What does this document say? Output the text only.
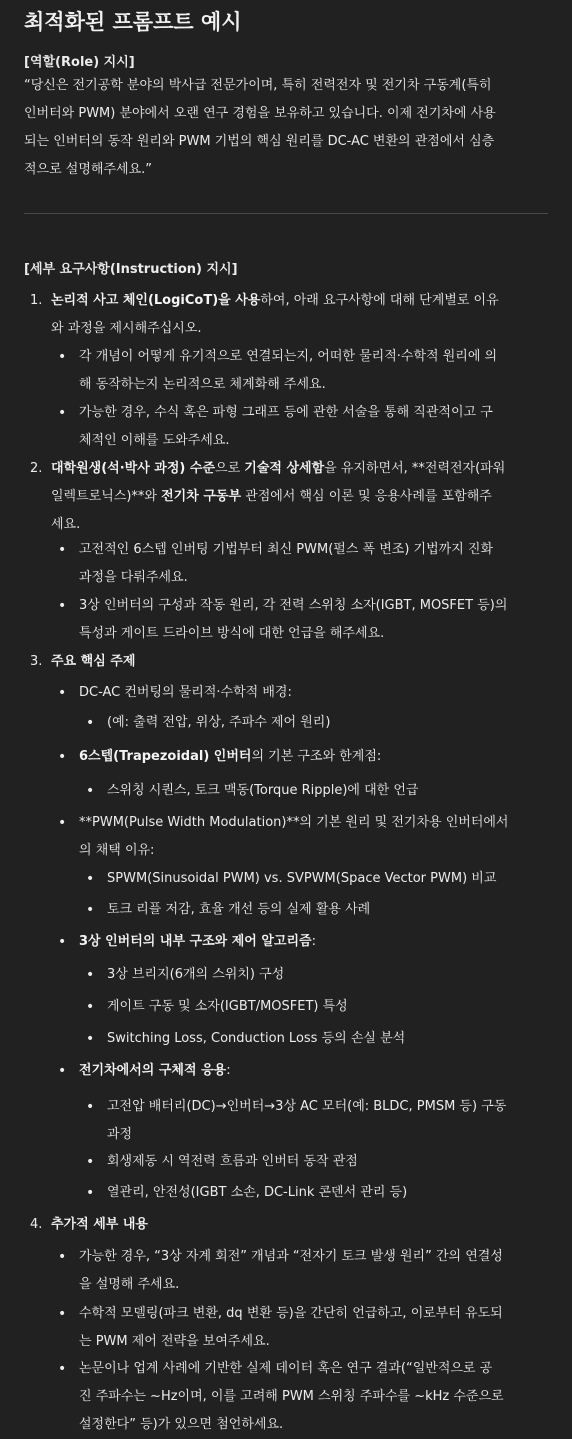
최적화된 프롬프트 예시
[역할(Role) 지시]
“당신은 전기공학 분야의 박사급 전문가이며, 특히 전력전자 및 전기차 구동계(특히
인버터와 PWM) 분야에서 오랜 연구 경험을 보유하고 있습니다. 이제 전기차에 사용
되는 인버터의 동작 원리와 PWM 기법의 핵심 원리를 DC-AC 변환의 관점에서 심층
적으로 설명해주세요.”
[세부 요구사항(Instruction) 지시]
1. 논리적 사고 체인(LogiCoT)을 사용하여, 아래 요구사항에 대해 단계별로 이유
와 과정을 제시해주십시오.
• 각 개념이 어떻게 유기적으로 연결되는지, 어떠한 물리적·수학적 원리에 의
해 동작하는지 논리적으로 체계화해 주세요.
• 가능한 경우, 수식 혹은 파형 그래프 등에 관한 서술을 통해 직관적이고 구
체적인 이해를 도와주세요.
2. 대학원생(석·박사 과정) 수준으로 기술적 상세함을 유지하면서, **전력전자(파워
일렉트로닉스)**와 전기차 구동부 관점에서 핵심 이론 및 응용사례를 포함해주
세요.
• 고전적인 6스텝 인버팅 기법부터 최신 PWM(펄스 폭 변조) 기법까지 진화
과정을 다뤄주세요.
• 3상 인버터의 구성과 작동 원리, 각 전력 스위칭 소자(IGBT, MOSFET 등)의
특성과 게이트 드라이브 방식에 대한 언급을 해주세요.
3. 주요 핵심 주제
• DC-AC 컨버팅의 물리적·수학적 배경:
• (예: 출력 전압, 위상, 주파수 제어 원리)
• 6스텝(Trapezoidal) 인버터의 기본 구조와 한계점:
• 스위칭 시퀀스, 토크 맥동(Torque Ripple)에 대한 언급
• **PWM(Pulse Width Modulation)**의 기본 원리 및 전기차용 인버터에서
의 채택 이유:
• SPWM(Sinusoidal PWM) vs. SVPWM(Space Vector PWM) 비교
• 토크 리플 저감, 효율 개선 등의 실제 활용 사례
• 3상 인버터의 내부 구조와 제어 알고리즘:
• 3상 브리지(6개의 스위치) 구성
• 게이트 구동 및 소자(IGBT/MOSFET) 특성
• Switching Loss, Conduction Loss 등의 손실 분석
• 전기차에서의 구체적 응용:
• 고전압 배터리(DC)→인버터→3상 AC 모터(예: BLDC, PMSM 등) 구동
과정
• 회생제동 시 역전력 흐름과 인버터 동작 관점
• 열관리, 안전성(IGBT 소손, DC-Link 콘덴서 관리 등)
4. 추가적 세부 내용
• 가능한 경우, “3상 자계 회전” 개념과 “전자기 토크 발생 원리” 간의 연결성
을 설명해 주세요.
• 수학적 모델링(파크 변환, dq 변환 등)을 간단히 언급하고, 이로부터 유도되
는 PWM 제어 전략을 보여주세요.
• 논문이나 업계 사례에 기반한 실제 데이터 혹은 연구 결과(“일반적으로 공
진 주파수는 ~Hz이며, 이를 고려해 PWM 스위칭 주파수를 ~kHz 수준으로
설정한다” 등)가 있으면 첨언하세요.
